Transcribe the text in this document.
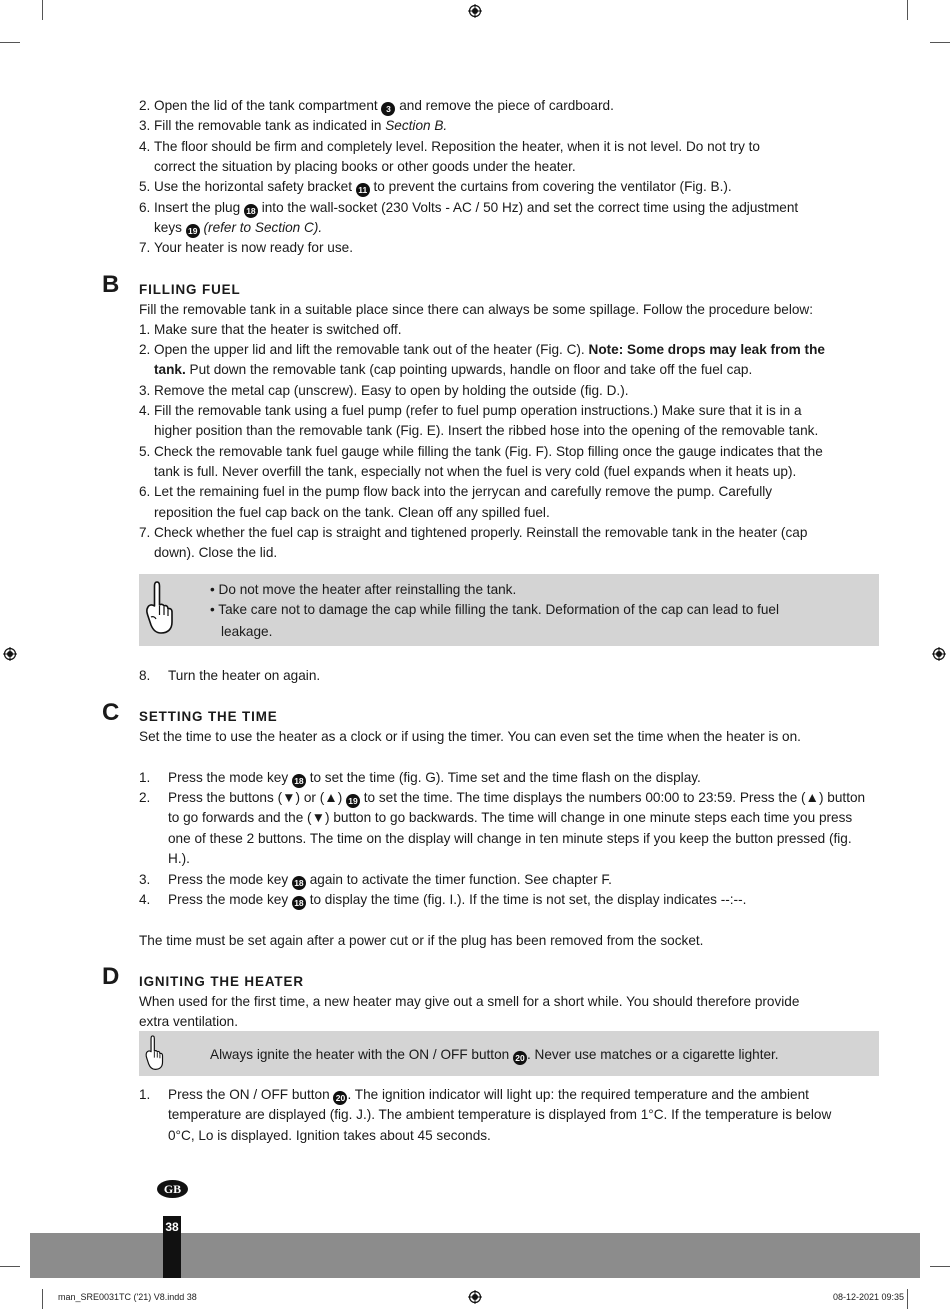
2. Open the lid of the tank compartment 3 and remove the piece of cardboard.
3. Fill the removable tank as indicated in Section B.
4. The floor should be firm and completely level. Reposition the heater, when it is not level. Do not try to
correct the situation by placing books or other goods under the heater.
5. Use the horizontal safety bracket 11 to prevent the curtains from covering the ventilator (Fig. B.).
6. Insert the plug 18 into the wall-socket (230 Volts - AC / 50 Hz) and set the correct time using the adjustment
keys 19 (refer to Section C).
7. Your heater is now ready for use.
B FILLING FUEL
Fill the removable tank in a suitable place since there can always be some spillage. Follow the procedure below:
1. Make sure that the heater is switched off.
2. Open the upper lid and lift the removable tank out of the heater (Fig. C). Note: Some drops may leak from the
tank. Put down the removable tank (cap pointing upwards, handle on floor and take off the fuel cap.
3. Remove the metal cap (unscrew). Easy to open by holding the outside (fig. D.).
4. Fill the removable tank using a fuel pump (refer to fuel pump operation instructions.) Make sure that it is in a
higher position than the removable tank (Fig. E). Insert the ribbed hose into the opening of the removable tank.
5. Check the removable tank fuel gauge while filling the tank (Fig. F). Stop filling once the gauge indicates that the
tank is full. Never overfill the tank, especially not when the fuel is very cold (fuel expands when it heats up).
6. Let the remaining fuel in the pump flow back into the jerrycan and carefully remove the pump. Carefully
reposition the fuel cap back on the tank. Clean off any spilled fuel.
7. Check whether the fuel cap is straight and tightened properly. Reinstall the removable tank in the heater (cap
down). Close the lid.
• Do not move the heater after reinstalling the tank.
• Take care not to damage the cap while filling the tank. Deformation of the cap can lead to fuel
leakage.
8. Turn the heater on again.
C SETTING THE TIME
Set the time to use the heater as a clock or if using the timer. You can even set the time when the heater is on.
1. Press the mode key 18 to set the time (fig. G). Time set and the time flash on the display.
2. Press the buttons (▼) or (▲) 19 to set the time. The time displays the numbers 00:00 to 23:59. Press the (▲) button
to go forwards and the (▼) button to go backwards. The time will change in one minute steps each time you press
one of these 2 buttons. The time on the display will change in ten minute steps if you keep the button pressed (fig.
H.).
3. Press the mode key 18 again to activate the timer function. See chapter F.
4. Press the mode key 18 to display the time (fig. I.). If the time is not set, the display indicates --:--.
The time must be set again after a power cut or if the plug has been removed from the socket.
D IGNITING THE HEATER
When used for the first time, a new heater may give out a smell for a short while. You should therefore provide
extra ventilation.
Always ignite the heater with the ON / OFF button 20 . Never use matches or a cigarette lighter.
1. Press the ON / OFF button 20 . The ignition indicator will light up: the required temperature and the ambient
temperature are displayed (fig. J.). The ambient temperature is displayed from 1°C. If the temperature is below
0°C, Lo is displayed. Ignition takes about 45 seconds.
GB
38
man_SRE0031TC ('21) V8.indd 38	08-12-2021 09:35
